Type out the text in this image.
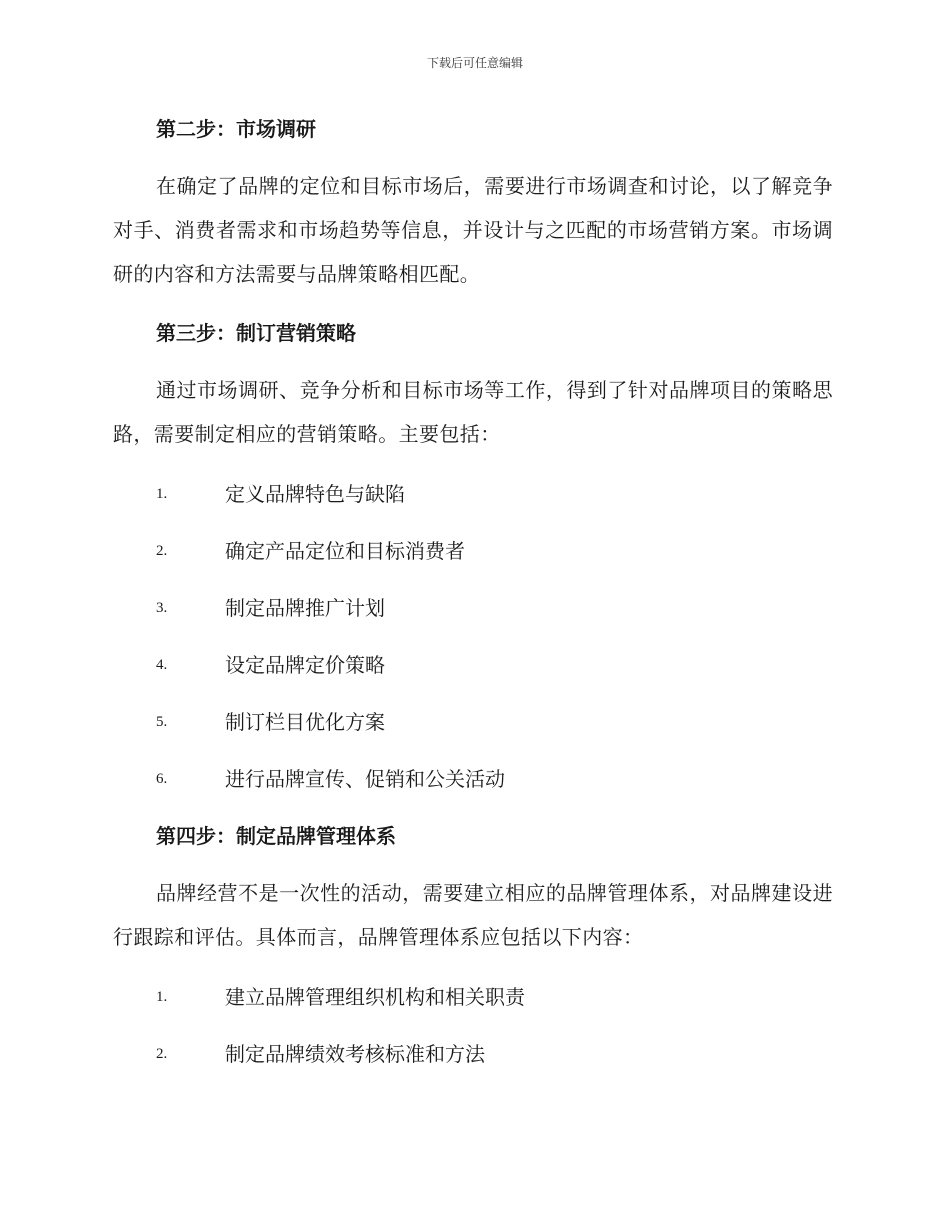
下载后可任意编辑
第二步：市场调研

在确定了品牌的定位和目标市场后，需要进行市场调查和讨论，以了解竞争对手、消费者需求和市场趋势等信息，并设计与之匹配的市场营销方案。市场调研的内容和方法需要与品牌策略相匹配。

第三步：制订营销策略

通过市场调研、竞争分析和目标市场等工作，得到了针对品牌项目的策略思路，需要制定相应的营销策略。主要包括：

1.	定义品牌特色与缺陷
2.	确定产品定位和目标消费者
3.	制定品牌推广计划
4.	设定品牌定价策略
5.	制订栏目优化方案
6.	进行品牌宣传、促销和公关活动
第四步：制定品牌管理体系

品牌经营不是一次性的活动，需要建立相应的品牌管理体系，对品牌建设进行跟踪和评估。具体而言，品牌管理体系应包括以下内容：

1.	建立品牌管理组织机构和相关职责
2.	制定品牌绩效考核标准和方法
